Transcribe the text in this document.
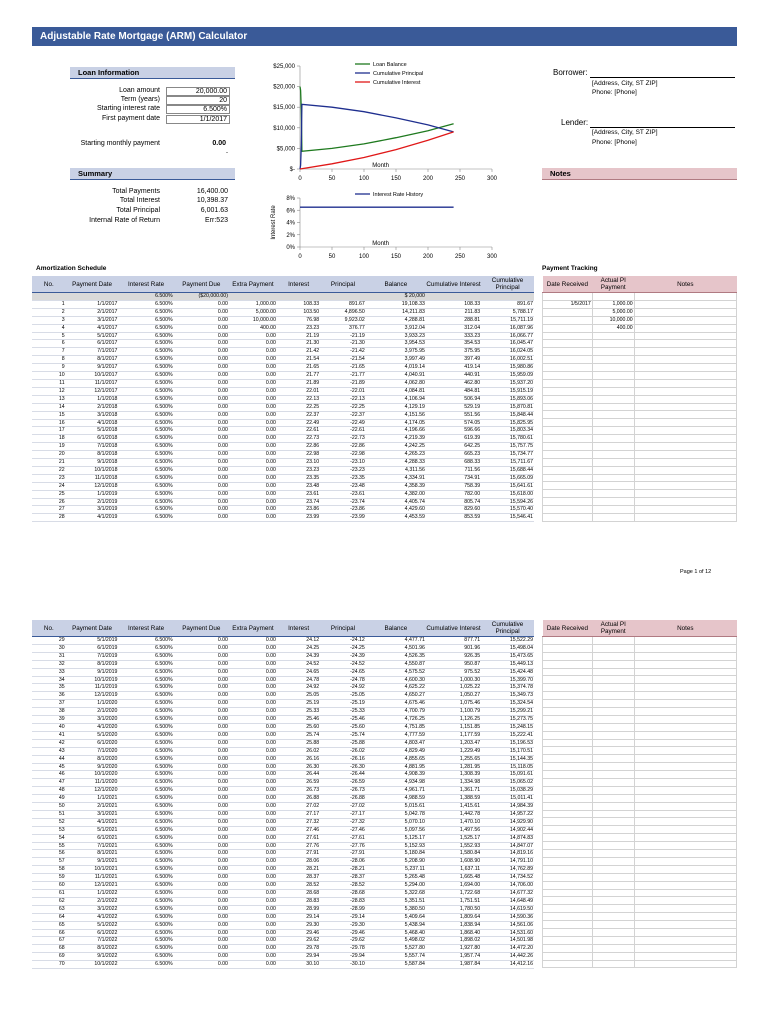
Adjustable Rate Mortgage (ARM) Calculator
Loan Information
Starting monthly payment	0.00
-
Summary	$-
$5,000
$10,000
$15,000
$20,000
$25,000
0	50	100	150	200	250	300
Month
Loan Balance
Cumulative Principal
Cumulative Interest
0%
2%
4%
6%
8%
0	50	100	150	200	250	300
Month
Interest Rate
Interest Rate History
Borrower:
[Address, City, ST ZIP]
Phone: [Phone]
Lender:
[Address, City, ST ZIP]
Phone: [Phone]
Notes
Amortization Schedule
No.	Payment Date	Interest Rate	Payment Due	Extra Payment	Interest	Principal	Balance	Cumulative Interest	Cumulative Principal
		6.500%	($20,000.00)				$ 20,000		
1	1/1/2017	6.500%	0.00	1,000.00	108.33	891.67	19,108.33	108.33	891.67
2	2/1/2017	6.500%	0.00	5,000.00	103.50	4,896.50	14,211.83	211.83	5,788.17
3	3/1/2017	6.500%	0.00	10,000.00	76.98	9,923.02	4,288.81	288.81	15,711.19
4	4/1/2017	6.500%	0.00	400.00	23.23	376.77	3,912.04	312.04	16,087.96
5	5/1/2017	6.500%	0.00	0.00	21.19	-21.19	3,933.23	333.23	16,066.77
6	6/1/2017	6.500%	0.00	0.00	21.30	-21.30	3,954.53	354.53	16,045.47
7	7/1/2017	6.500%	0.00	0.00	21.42	-21.42	3,975.95	375.95	16,024.05
8	8/1/2017	6.500%	0.00	0.00	21.54	-21.54	3,997.49	397.49	16,002.51
9	9/1/2017	6.500%	0.00	0.00	21.65	-21.65	4,019.14	419.14	15,980.86
10	10/1/2017	6.500%	0.00	0.00	21.77	-21.77	4,040.91	440.91	15,959.09
11	11/1/2017	6.500%	0.00	0.00	21.89	-21.89	4,062.80	462.80	15,937.20
12	12/1/2017	6.500%	0.00	0.00	22.01	-22.01	4,084.81	484.81	15,915.19
13	1/1/2018	6.500%	0.00	0.00	22.13	-22.13	4,106.94	506.94	15,893.06
14	2/1/2018	6.500%	0.00	0.00	22.25	-22.25	4,129.19	529.19	15,870.81
15	3/1/2018	6.500%	0.00	0.00	22.37	-22.37	4,151.56	551.56	15,848.44
16	4/1/2018	6.500%	0.00	0.00	22.49	-22.49	4,174.05	574.05	15,825.95
17	5/1/2018	6.500%	0.00	0.00	22.61	-22.61	4,196.66	596.66	15,803.34
18	6/1/2018	6.500%	0.00	0.00	22.73	-22.73	4,219.39	619.39	15,780.61
19	7/1/2018	6.500%	0.00	0.00	22.86	-22.86	4,242.25	642.25	15,757.75
20	8/1/2018	6.500%	0.00	0.00	22.98	-22.98	4,265.23	665.23	15,734.77
21	9/1/2018	6.500%	0.00	0.00	23.10	-23.10	4,288.33	688.33	15,711.67
22	10/1/2018	6.500%	0.00	0.00	23.23	-23.23	4,311.56	711.56	15,688.44
23	11/1/2018	6.500%	0.00	0.00	23.35	-23.35	4,334.91	734.91	15,665.09
24	12/1/2018	6.500%	0.00	0.00	23.48	-23.48	4,358.39	758.39	15,641.61
25	1/1/2019	6.500%	0.00	0.00	23.61	-23.61	4,382.00	782.00	15,618.00
26	2/1/2019	6.500%	0.00	0.00	23.74	-23.74	4,405.74	805.74	15,594.26
27	3/1/2019	6.500%	0.00	0.00	23.86	-23.86	4,429.60	829.60	15,570.40
28	4/1/2019	6.500%	0.00	0.00	23.99	-23.99	4,453.59	853.59	15,546.41
Payment Tracking
Date Received	Actual PI Payment	Notes

1/5/2017	1,000.00	
	5,000.00	
	10,000.00	
	400.00	

Page 1 of 12
No.	Payment Date	Interest Rate	Payment Due	Extra Payment	Interest	Principal	Balance	Cumulative Interest	Cumulative Principal
29	5/1/2019	6.500%	0.00	0.00	24.12	-24.12	4,477.71	877.71	15,522.29
30	6/1/2019	6.500%	0.00	0.00	24.25	-24.25	4,501.96	901.96	15,498.04
31	7/1/2019	6.500%	0.00	0.00	24.39	-24.39	4,526.35	926.35	15,473.65
32	8/1/2019	6.500%	0.00	0.00	24.52	-24.52	4,550.87	950.87	15,449.13
33	9/1/2019	6.500%	0.00	0.00	24.65	-24.65	4,575.52	975.52	15,424.48
34	10/1/2019	6.500%	0.00	0.00	24.78	-24.78	4,600.30	1,000.30	15,399.70
35	11/1/2019	6.500%	0.00	0.00	24.92	-24.92	4,625.22	1,025.22	15,374.78
36	12/1/2019	6.500%	0.00	0.00	25.05	-25.05	4,650.27	1,050.27	15,349.73
37	1/1/2020	6.500%	0.00	0.00	25.19	-25.19	4,675.46	1,075.46	15,324.54
38	2/1/2020	6.500%	0.00	0.00	25.33	-25.33	4,700.79	1,100.79	15,299.21
39	3/1/2020	6.500%	0.00	0.00	25.46	-25.46	4,726.25	1,126.25	15,273.75
40	4/1/2020	6.500%	0.00	0.00	25.60	-25.60	4,751.85	1,151.85	15,248.15
41	5/1/2020	6.500%	0.00	0.00	25.74	-25.74	4,777.59	1,177.59	15,222.41
42	6/1/2020	6.500%	0.00	0.00	25.88	-25.88	4,803.47	1,203.47	15,196.53
43	7/1/2020	6.500%	0.00	0.00	26.02	-26.02	4,829.49	1,229.49	15,170.51
44	8/1/2020	6.500%	0.00	0.00	26.16	-26.16	4,855.65	1,255.65	15,144.35
45	9/1/2020	6.500%	0.00	0.00	26.30	-26.30	4,881.95	1,281.95	15,118.05
46	10/1/2020	6.500%	0.00	0.00	26.44	-26.44	4,908.39	1,308.39	15,091.61
47	11/1/2020	6.500%	0.00	0.00	26.59	-26.59	4,934.98	1,334.98	15,065.02
48	12/1/2020	6.500%	0.00	0.00	26.73	-26.73	4,961.71	1,361.71	15,038.29
49	1/1/2021	6.500%	0.00	0.00	26.88	-26.88	4,988.59	1,388.59	15,011.41
50	2/1/2021	6.500%	0.00	0.00	27.02	-27.02	5,015.61	1,415.61	14,984.39
51	3/1/2021	6.500%	0.00	0.00	27.17	-27.17	5,042.78	1,442.78	14,957.22
52	4/1/2021	6.500%	0.00	0.00	27.32	-27.32	5,070.10	1,470.10	14,929.90
53	5/1/2021	6.500%	0.00	0.00	27.46	-27.46	5,097.56	1,497.56	14,902.44
54	6/1/2021	6.500%	0.00	0.00	27.61	-27.61	5,125.17	1,525.17	14,874.83
55	7/1/2021	6.500%	0.00	0.00	27.76	-27.76	5,152.93	1,552.93	14,847.07
56	8/1/2021	6.500%	0.00	0.00	27.91	-27.91	5,180.84	1,580.84	14,819.16
57	9/1/2021	6.500%	0.00	0.00	28.06	-28.06	5,208.90	1,608.90	14,791.10
58	10/1/2021	6.500%	0.00	0.00	28.21	-28.21	5,237.11	1,637.11	14,762.89
59	11/1/2021	6.500%	0.00	0.00	28.37	-28.37	5,265.48	1,665.48	14,734.52
60	12/1/2021	6.500%	0.00	0.00	28.52	-28.52	5,294.00	1,694.00	14,706.00
61	1/1/2022	6.500%	0.00	0.00	28.68	-28.68	5,322.68	1,722.68	14,677.32
62	2/1/2022	6.500%	0.00	0.00	28.83	-28.83	5,351.51	1,751.51	14,648.49
63	3/1/2022	6.500%	0.00	0.00	28.99	-28.99	5,380.50	1,780.50	14,619.50
64	4/1/2022	6.500%	0.00	0.00	29.14	-29.14	5,409.64	1,809.64	14,590.36
65	5/1/2022	6.500%	0.00	0.00	29.30	-29.30	5,438.94	1,838.94	14,561.06
66	6/1/2022	6.500%	0.00	0.00	29.46	-29.46	5,468.40	1,868.40	14,531.60
67	7/1/2022	6.500%	0.00	0.00	29.62	-29.62	5,498.02	1,898.02	14,501.98
68	8/1/2022	6.500%	0.00	0.00	29.78	-29.78	5,527.80	1,927.80	14,472.20
69	9/1/2022	6.500%	0.00	0.00	29.94	-29.94	5,557.74	1,957.74	14,442.26
70	10/1/2022	6.500%	0.00	0.00	30.10	-30.10	5,587.84	1,987.84	14,412.16
Date Received	Actual PI Payment	Notes

Loan amount	20,000.00
Term (years)	20
Starting interest rate	6.500%
First payment date	1/1/2017
Total Payments	16,400.00
Total Interest	10,398.37
Total Principal	6,001.63
Internal Rate of Return	Err:523
